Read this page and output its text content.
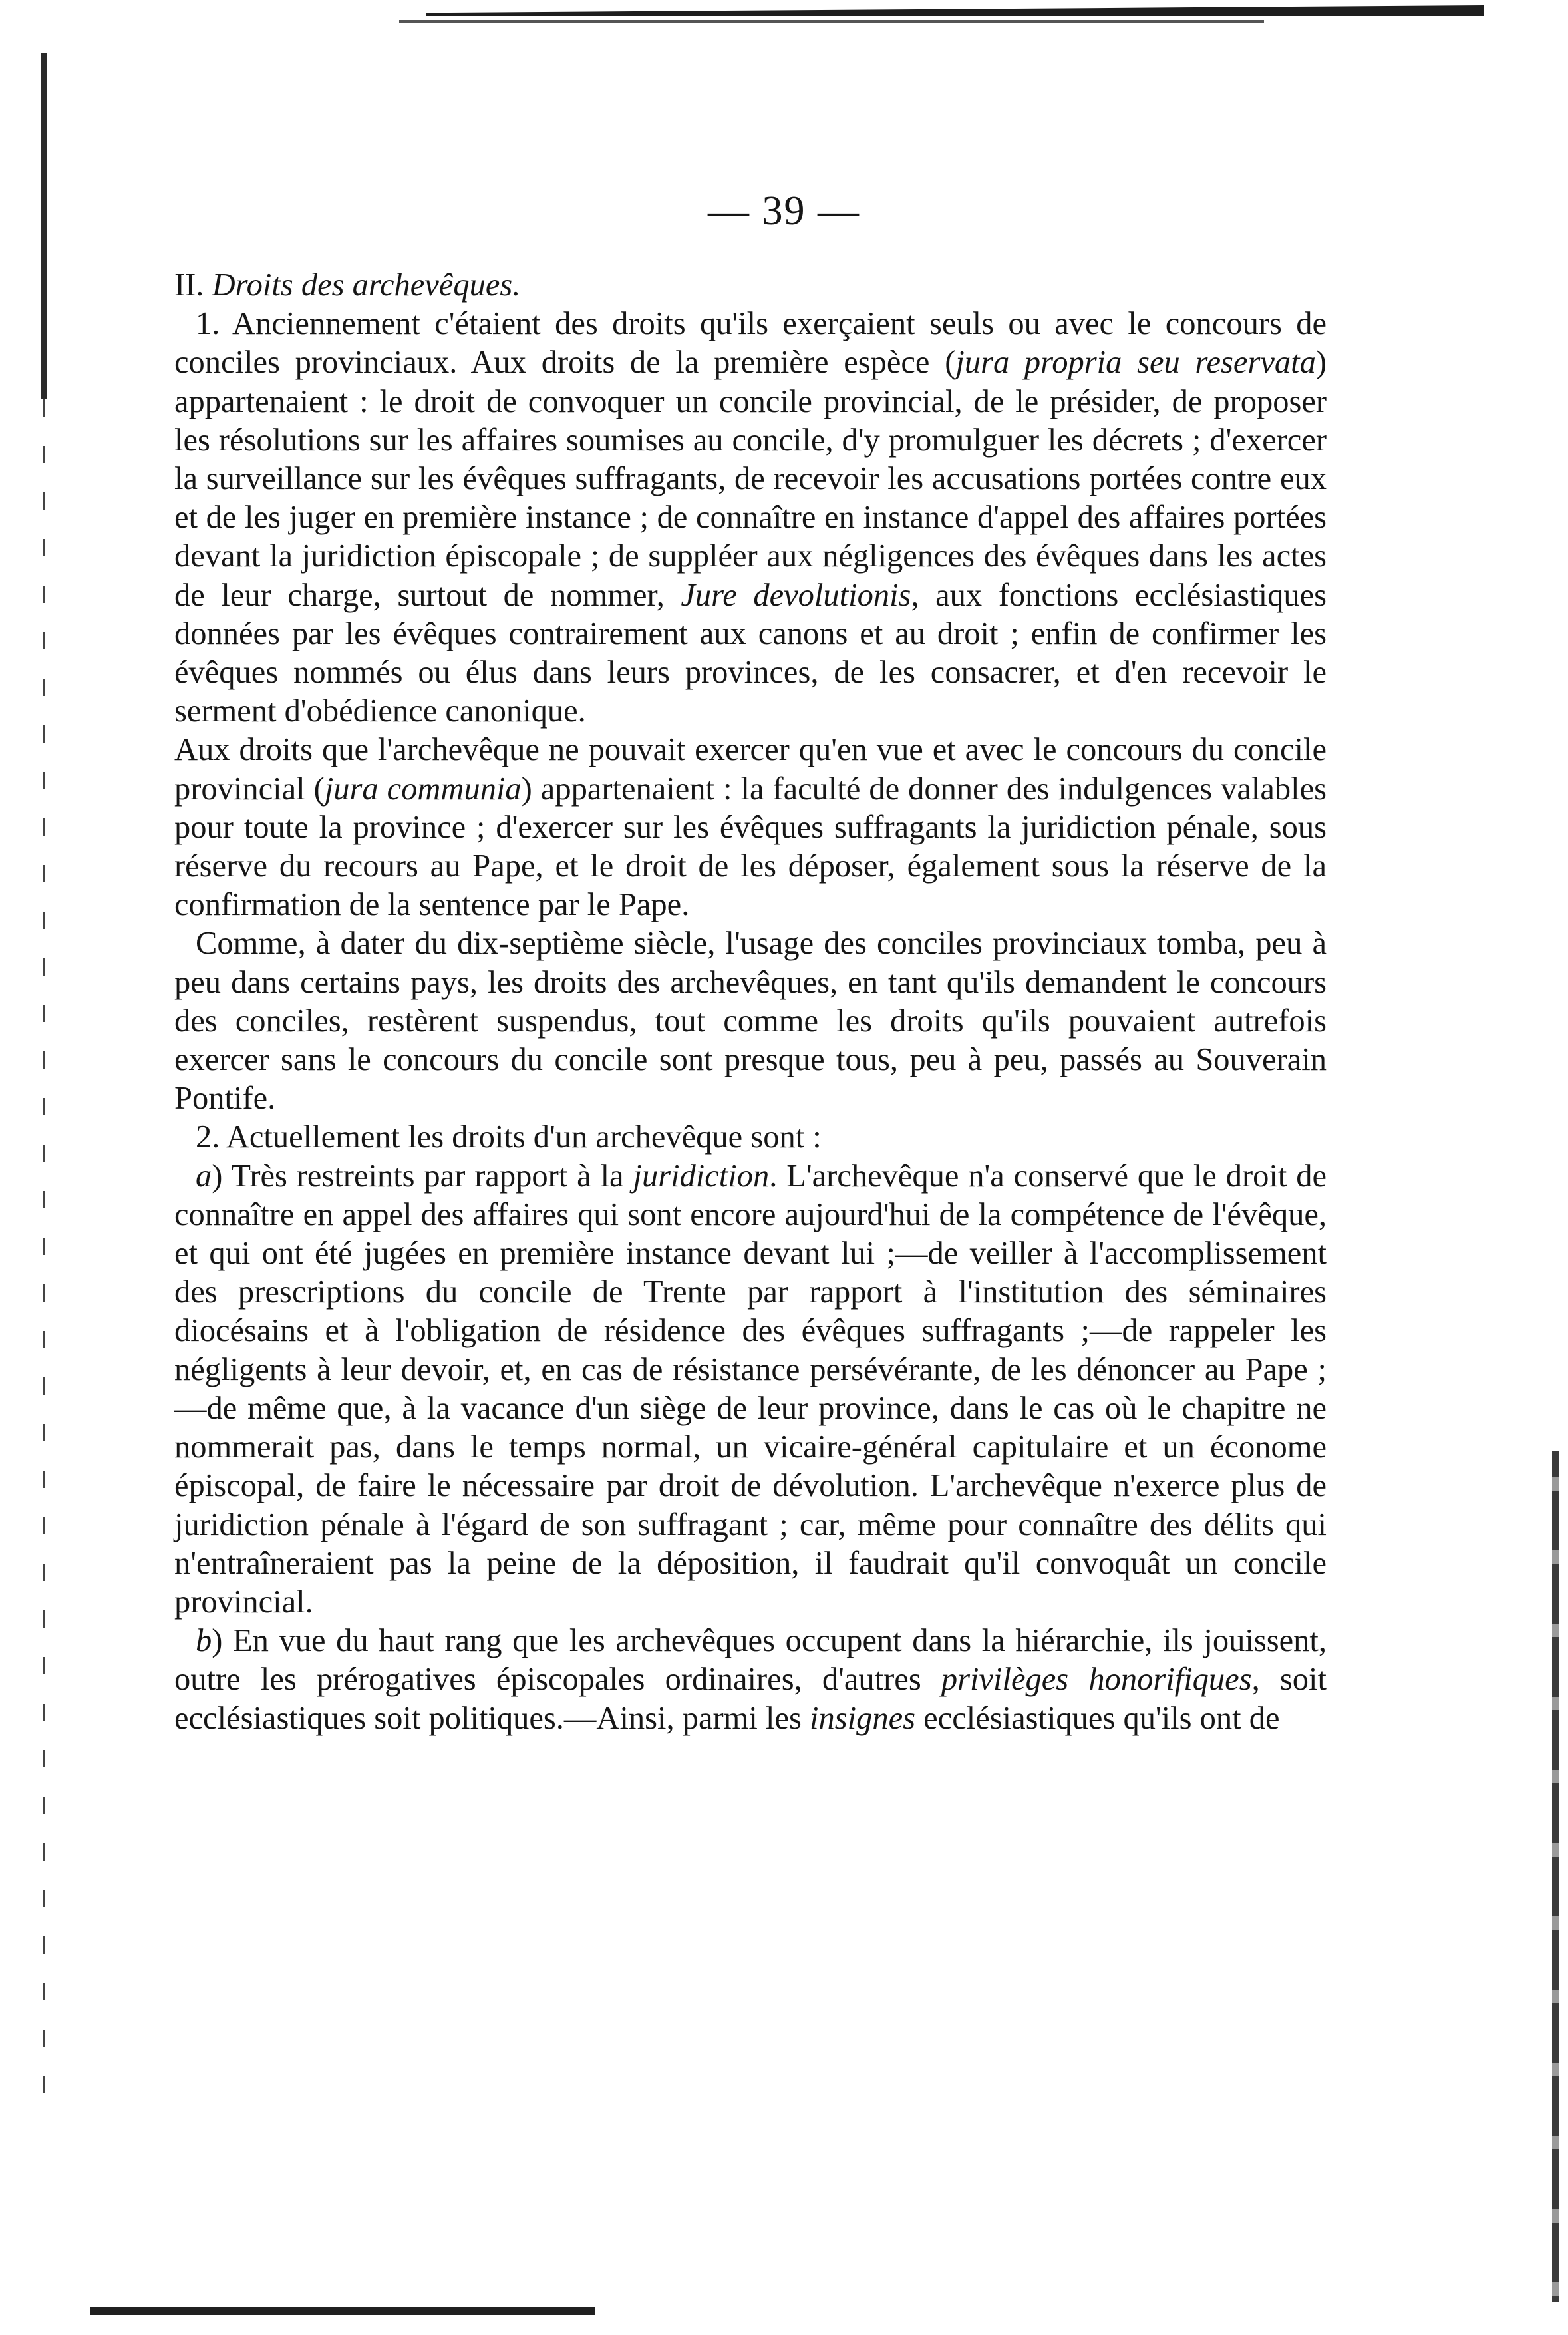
— 39 —

II. Droits des archevêques.

1. Anciennement c'étaient des droits qu'ils exerçaient seuls ou avec le concours de conciles provinciaux. Aux droits de la première espèce (jura propria seu reservata) appartenaient : le droit de convoquer un concile provincial, de le présider, de proposer les résolutions sur les affaires soumises au concile, d'y promulguer les décrets ; d'exercer la surveillance sur les évêques suffragants, de recevoir les accusations portées contre eux et de les juger en première instance ; de connaître en instance d'appel des affaires portées devant la juridiction épiscopale ; de suppléer aux négligences des évêques dans les actes de leur charge, surtout de nommer, Jure devolutionis, aux fonctions ecclésiastiques données par les évêques contrairement aux canons et au droit ; enfin de confirmer les évêques nommés ou élus dans leurs provinces, de les consacrer, et d'en recevoir le serment d'obédience canonique.

Aux droits que l'archevêque ne pouvait exercer qu'en vue et avec le concours du concile provincial (jura communia) appartenaient : la faculté de donner des indulgences valables pour toute la province ; d'exercer sur les évêques suffragants la juridiction pénale, sous réserve du recours au Pape, et le droit de les déposer, également sous la réserve de la confirmation de la sentence par le Pape.

Comme, à dater du dix-septième siècle, l'usage des conciles provinciaux tomba, peu à peu dans certains pays, les droits des archevêques, en tant qu'ils demandent le concours des conciles, restèrent suspendus, tout comme les droits qu'ils pouvaient autrefois exercer sans le concours du concile sont presque tous, peu à peu, passés au Souverain Pontife.

2. Actuellement les droits d'un archevêque sont :

a) Très restreints par rapport à la juridiction. L'archevêque n'a conservé que le droit de connaître en appel des affaires qui sont encore aujourd'hui de la compétence de l'évêque, et qui ont été jugées en première instance devant lui ;—de veiller à l'accomplissement des prescriptions du concile de Trente par rapport à l'institution des séminaires diocésains et à l'obligation de résidence des évêques suffragants ;—de rappeler les négligents à leur devoir, et, en cas de résistance persévérante, de les dénoncer au Pape ;—de même que, à la vacance d'un siège de leur province, dans le cas où le chapitre ne nommerait pas, dans le temps normal, un vicaire-général capitulaire et un économe épiscopal, de faire le nécessaire par droit de dévolution. L'archevêque n'exerce plus de juridiction pénale à l'égard de son suffragant ; car, même pour connaître des délits qui n'entraîneraient pas la peine de la déposition, il faudrait qu'il convoquât un concile provincial.

b) En vue du haut rang que les archevêques occupent dans la hiérarchie, ils jouissent, outre les prérogatives épiscopales ordinaires, d'autres privilèges honorifiques, soit ecclésiastiques soit politiques.—Ainsi, parmi les insignes ecclésiastiques qu'ils ont de
